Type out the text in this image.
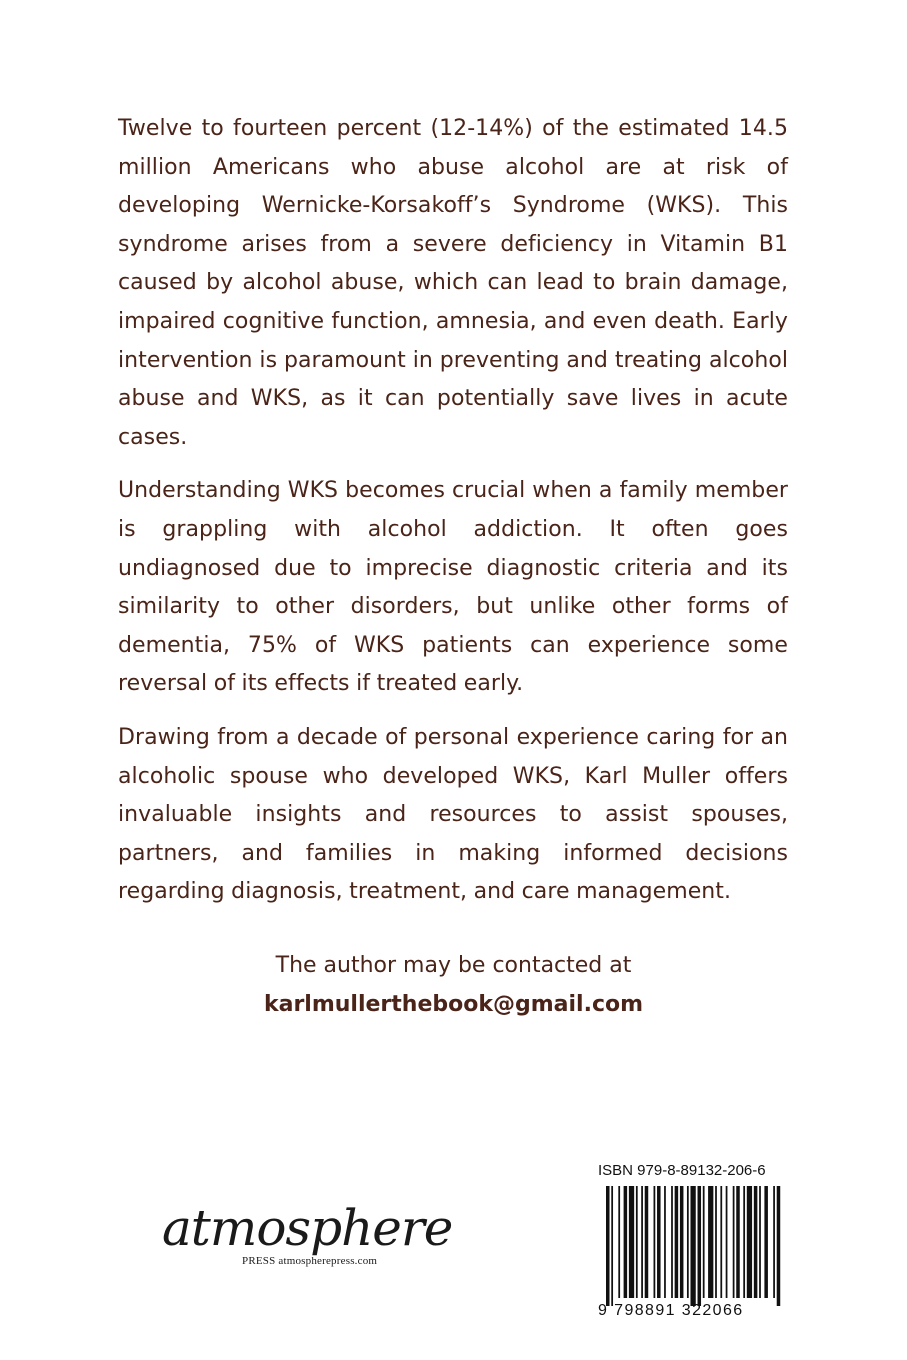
Twelve to fourteen percent (12-14%) of the estimated 14.5 million Americans who abuse alcohol are at risk of developing Wernicke-Korsakoff’s Syndrome (WKS). This syndrome arises from a severe deficiency in Vitamin B1 caused by alcohol abuse, which can lead to brain damage, impaired cognitive function, amnesia, and even death. Early intervention is paramount in preventing and treating alcohol abuse and WKS, as it can potentially save lives in acute cases.

Understanding WKS becomes crucial when a family member is grappling with alcohol addiction. It often goes undiagnosed due to imprecise diagnostic criteria and its similarity to other disorders, but unlike other forms of dementia, 75% of WKS patients can experience some reversal of its effects if treated early.

Drawing from a decade of personal experience caring for an alcoholic spouse who developed WKS, Karl Muller offers invaluable insights and resources to assist spouses, partners, and families in making informed decisions regarding diagnosis, treatment, and care management.

The author may be contacted at
karlmullerthebook@gmail.com
atmosphere
PRESS atmospherepress.com
ISBN 979-8-89132-206-6
9 798891 322066
